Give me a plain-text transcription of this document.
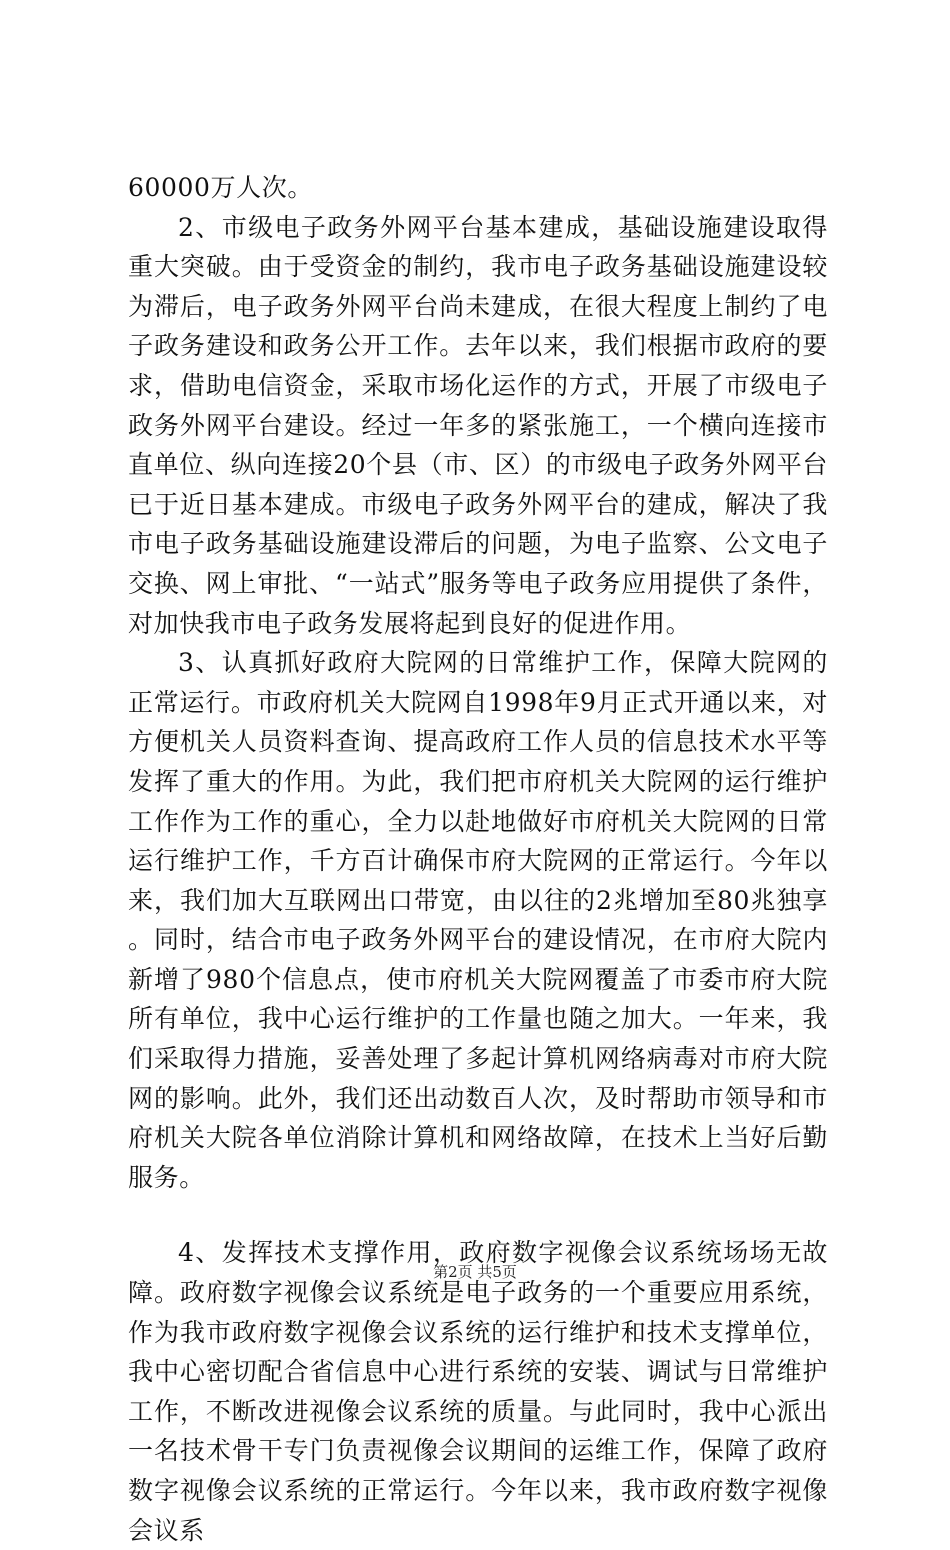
60000万人次。

2、市级电子政务外网平台基本建成，基础设施建设取得重大突破。由于受资金的制约，我市电子政务基础设施建设较为滞后，电子政务外网平台尚未建成，在很大程度上制约了电子政务建设和政务公开工作。去年以来，我们根据市政府的要求，借助电信资金，采取市场化运作的方式，开展了市级电子政务外网平台建设。经过一年多的紧张施工，一个横向连接市直单位、纵向连接20个县（市、区）的市级电子政务外网平台已于近日基本建成。市级电子政务外网平台的建成，解决了我市电子政务基础设施建设滞后的问题，为电子监察、公文电子交换、网上审批、“一站式”服务等电子政务应用提供了条件，对加快我市电子政务发展将起到良好的促进作用。

3、认真抓好政府大院网的日常维护工作，保障大院网的正常运行。市政府机关大院网自1998年9月正式开通以来，对方便机关人员资料查询、提高政府工作人员的信息技术水平等发挥了重大的作用。为此，我们把市府机关大院网的运行维护工作作为工作的重心，全力以赴地做好市府机关大院网的日常运行维护工作，千方百计确保市府大院网的正常运行。今年以来，我们加大互联网出口带宽，由以往的2兆增加至80兆独享。同时，结合市电子政务外网平台的建设情况，在市府大院内新增了980个信息点，使市府机关大院网覆盖了市委市府大院所有单位，我中心运行维护的工作量也随之加大。一年来，我们采取得力措施，妥善处理了多起计算机网络病毒对市府大院网的影响。此外，我们还出动数百人次，及时帮助市领导和市府机关大院各单位消除计算机和网络故障，在技术上当好后勤服务。

4、发挥技术支撑作用，政府数字视像会议系统场场无故障。政府数字视像会议系统是电子政务的一个重要应用系统，作为我市政府数字视像会议系统的运行维护和技术支撑单位，我中心密切配合省信息中心进行系统的安装、调试与日常维护工作，不断改进视像会议系统的质量。与此同时，我中心派出一名技术骨干专门负责视像会议期间的运维工作，保障了政府数字视像会议系统的正常运行。今年以来，我市政府数字视像会议系

第2页 共5页
